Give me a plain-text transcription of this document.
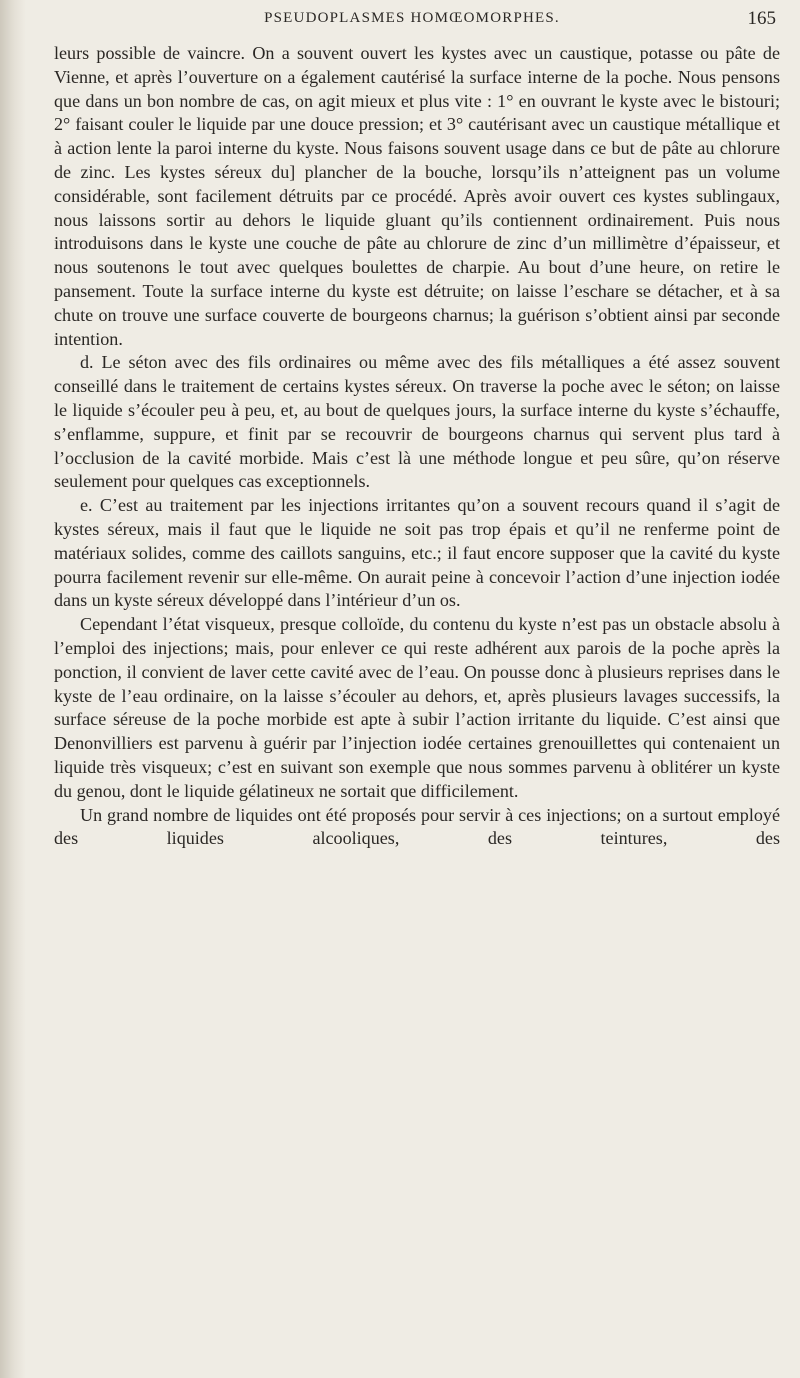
PSEUDOPLASMES HOMŒOMORPHES.	165

leurs possible de vaincre. On a souvent ouvert les kystes avec un caustique, potasse ou pâte de Vienne, et après l’ouverture on a également cautérisé la surface interne de la poche. Nous pensons que dans un bon nombre de cas, on agit mieux et plus vite : 1° en ouvrant le kyste avec le bistouri; 2° faisant couler le liquide par une douce pression; et 3° cautérisant avec un caustique métallique et à action lente la paroi interne du kyste. Nous faisons souvent usage dans ce but de pâte au chlorure de zinc. Les kystes séreux du] plancher de la bouche, lorsqu’ils n’atteignent pas un volume considérable, sont facilement détruits par ce procédé. Après avoir ouvert ces kystes sublingaux, nous laissons sortir au dehors le liquide gluant qu’ils contiennent ordinairement. Puis nous introduisons dans le kyste une couche de pâte au chlorure de zinc d’un millimètre d’épaisseur, et nous soutenons le tout avec quelques boulettes de charpie. Au bout d’une heure, on retire le pansement. Toute la surface interne du kyste est détruite; on laisse l’eschare se détacher, et à sa chute on trouve une surface couverte de bourgeons charnus; la guérison s’obtient ainsi par seconde intention.

d. Le séton avec des fils ordinaires ou même avec des fils métalliques a été assez souvent conseillé dans le traitement de certains kystes séreux. On traverse la poche avec le séton; on laisse le liquide s’écouler peu à peu, et, au bout de quelques jours, la surface interne du kyste s’échauffe, s’enflamme, suppure, et finit par se recouvrir de bourgeons charnus qui servent plus tard à l’occlusion de la cavité morbide. Mais c’est là une méthode longue et peu sûre, qu’on réserve seulement pour quelques cas exceptionnels.

e. C’est au traitement par les injections irritantes qu’on a souvent recours quand il s’agit de kystes séreux, mais il faut que le liquide ne soit pas trop épais et qu’il ne renferme point de matériaux solides, comme des caillots sanguins, etc.; il faut encore supposer que la cavité du kyste pourra facilement revenir sur elle-même. On aurait peine à concevoir l’action d’une injection iodée dans un kyste séreux développé dans l’intérieur d’un os.

Cependant l’état visqueux, presque colloïde, du contenu du kyste n’est pas un obstacle absolu à l’emploi des injections; mais, pour enlever ce qui reste adhérent aux parois de la poche après la ponction, il convient de laver cette cavité avec de l’eau. On pousse donc à plusieurs reprises dans le kyste de l’eau ordinaire, on la laisse s’écouler au dehors, et, après plusieurs lavages successifs, la surface séreuse de la poche morbide est apte à subir l’action irritante du liquide. C’est ainsi que Denonvilliers est parvenu à guérir par l’injection iodée certaines grenouillettes qui contenaient un liquide très visqueux; c’est en suivant son exemple que nous sommes parvenu à oblitérer un kyste du genou, dont le liquide gélatineux ne sortait que difficilement.

Un grand nombre de liquides ont été proposés pour servir à ces injections; on a surtout employé des liquides alcooliques, des teintures, des
